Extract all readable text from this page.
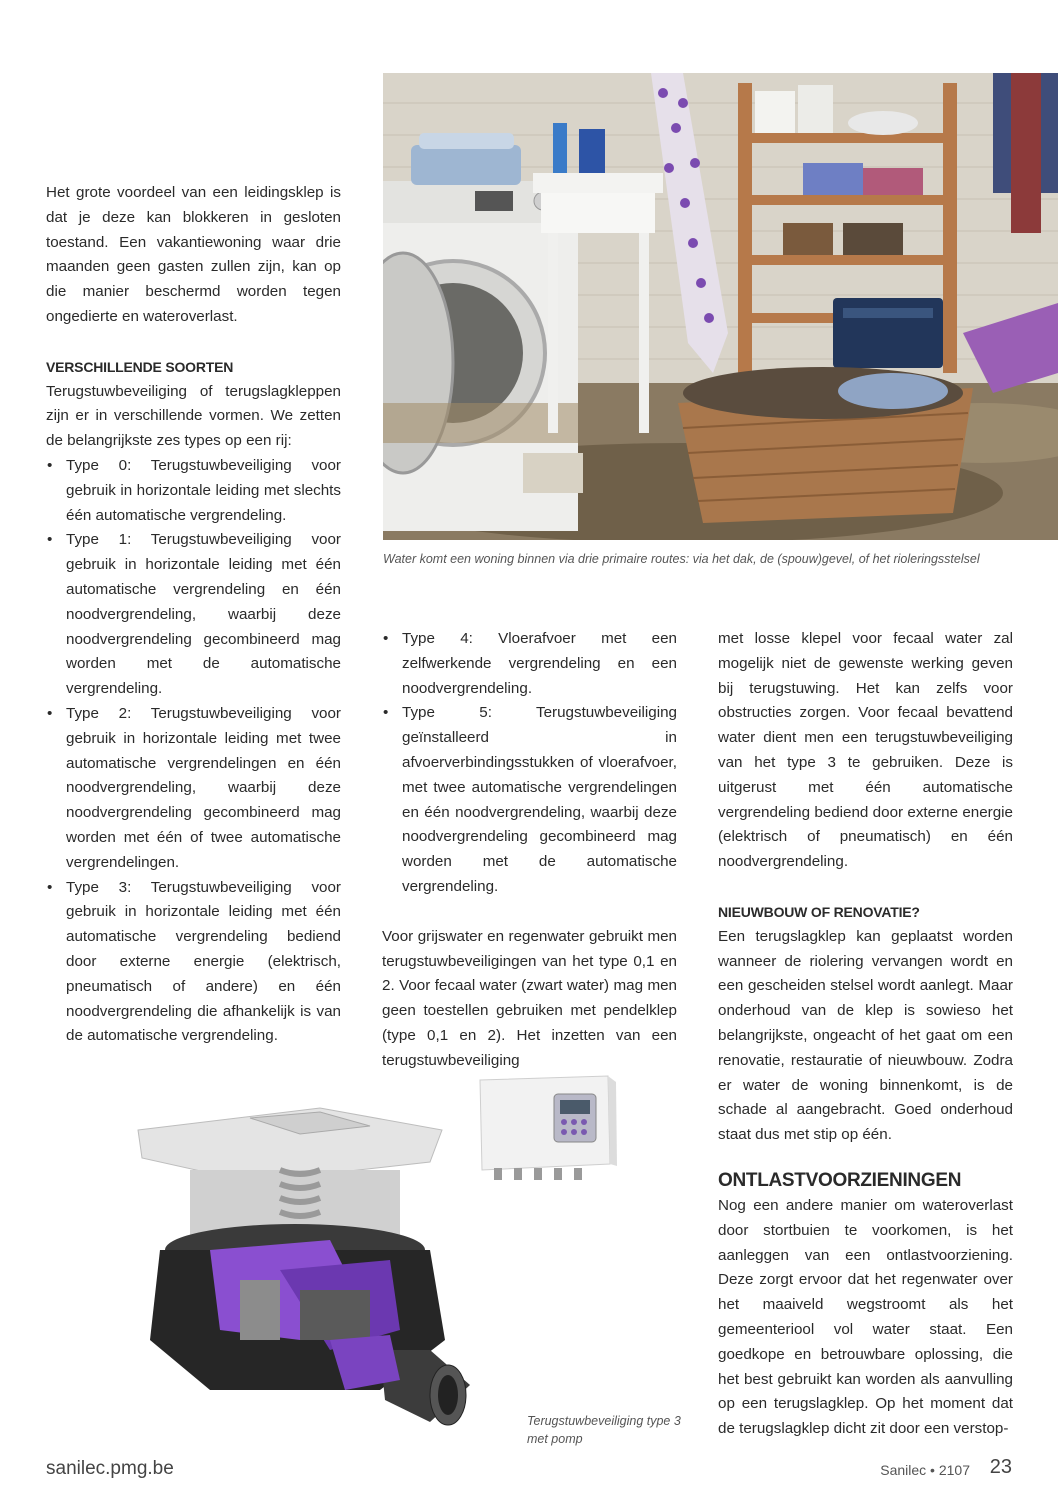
Water komt een woning binnen via drie primaire routes: via het dak, de (spouw)gevel, of het rioleringsstelsel

Het grote voordeel van een leidingsklep is dat je deze kan blokkeren in gesloten toestand. Een vakantiewoning waar drie maanden geen gasten zullen zijn, kan op die manier beschermd worden tegen ongedierte en wateroverlast.

VERSCHILLENDE SOORTEN

Terugstuwbeveiliging of terugslagkleppen zijn er in verschillende vormen. We zetten de belangrijkste zes types op een rij:

• Type 0: Terugstuwbeveiliging voor gebruik in horizontale leiding met slechts één automatische vergrendeling.
• Type 1: Terugstuwbeveiliging voor gebruik in horizontale leiding met één automatische vergrendeling en één noodvergrendeling, waarbij deze noodvergrendeling gecombineerd mag worden met de automatische vergrendeling.
• Type 2: Terugstuwbeveiliging voor gebruik in horizontale leiding met twee automatische vergrendelingen en één noodvergrendeling, waarbij deze noodvergrendeling gecombineerd mag worden met één of twee automatische vergrendelingen.
• Type 3: Terugstuwbeveiliging voor gebruik in horizontale leiding met één automatische vergrendeling bediend door externe energie (elektrisch, pneumatisch of andere) en één noodvergrendeling die afhankelijk is van de automatische vergrendeling.
• Type 4: Vloerafvoer met een zelfwerkende vergrendeling en een noodvergrendeling.
• Type 5: Terugstuwbeveiliging geïnstalleerd in afvoerverbindingsstukken of vloerafvoer, met twee automatische vergrendelingen en één noodvergrendeling, waarbij deze noodvergrendeling gecombineerd mag worden met de automatische vergrendeling.

Voor grijswater en regenwater gebruikt men terugstuwbeveiligingen van het type 0,1 en 2. Voor fecaal water (zwart water) mag men geen toestellen gebruiken met pendelklep (type 0,1 en 2). Het inzetten van een terugstuwbeveiliging

met losse klepel voor fecaal water zal mogelijk niet de gewenste werking geven bij terugstuwing. Het kan zelfs voor obstructies zorgen. Voor fecaal bevattend water dient men een terugstuwbeveiliging van het type 3 te gebruiken. Deze is uitgerust met één automatische vergrendeling bediend door externe energie (elektrisch of pneumatisch) en één noodvergrendeling.

NIEUWBOUW OF RENOVATIE?

Een terugslagklep kan geplaatst worden wanneer de riolering vervangen wordt en een gescheiden stelsel wordt aanlegt. Maar onderhoud van de klep is sowieso het belangrijkste, ongeacht of het gaat om een renovatie, restauratie of nieuwbouw. Zodra er water de woning binnenkomt, is de schade al aangebracht. Goed onderhoud staat dus met stip op één.

ONTLASTVOORZIENINGEN

Nog een andere manier om wateroverlast door stortbuien te voorkomen, is het aanleggen van een ontlastvoorziening. Deze zorgt ervoor dat het regenwater over het maaiveld wegstroomt als het gemeenteriool vol water staat. Een goedkope en betrouwbare oplossing, die het best gebruikt kan worden als aanvulling op een terugslagklep. Op het moment dat de terugslagklep dicht zit door een verstop-

Terugstuwbeveiliging type 3 met pomp
sanilec.pmg.be	Sanilec • 2107 23
